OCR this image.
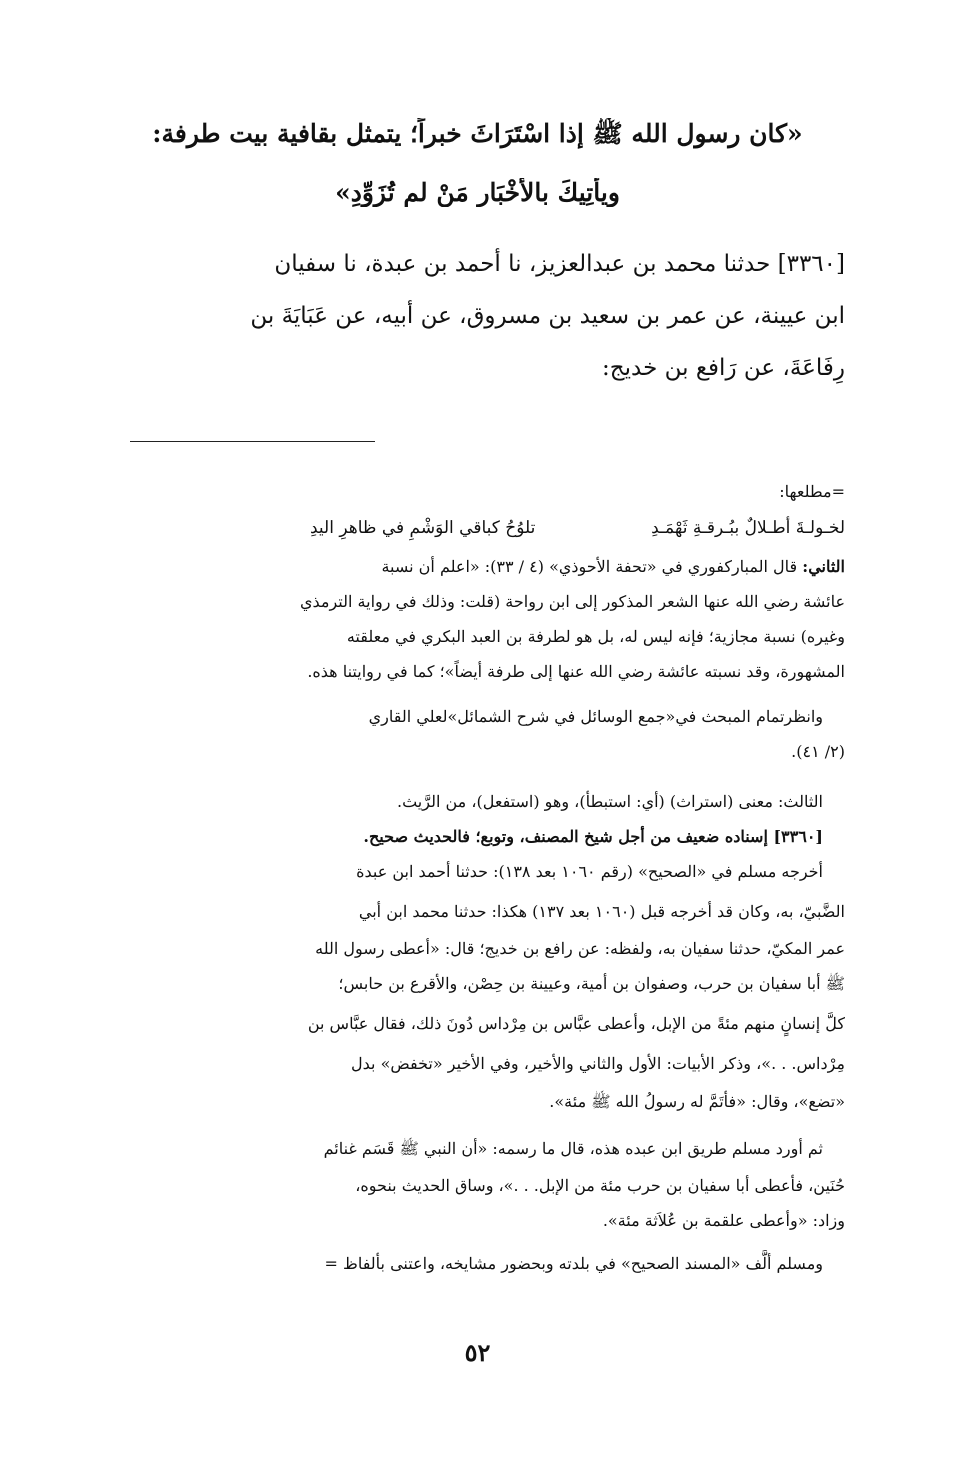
«كان رسول الله ﷺ إذا اسْتَرَاثَ خبراً؛ يتمثل بقافية بيت طرفة:
ويأْتِيكَ بالأَخْبَارِ مَنْ لم تُزَوِّدِ»
[٣٣٦٠] حدثنا محمد بن عبدالعزيز، نا أحمد بن عبدة، نا سفيان
ابن عيينة، عن عمر بن سعيد بن مسروق، عن أبيه، عن عَبَايَةَ بن
رِفَاعَةَ، عن رَافع بن خديج:
=مطلعها:
لخـولـةَ أطـلالٌ ببُـرقـةِ ثَهْمَـدِ
تلوُحُ كباقي الوَشْمِ في ظاهرِ اليدِ
الثاني: قال المباركفوري في «تحفة الأحوذي» (٤ / ٣٣): «اعلم أن نسبة
عائشة رضي الله عنها الشعر المذكور إلى ابن رواحة (قلت: وذلك في رواية الترمذي
وغيره) نسبة مجازية؛ فإنه ليس له، بل هو لطرفة بن العبد البكري في معلقته
المشهورة، وقد نسبته عائشة رضي الله عنها إلى طرفة أيضاً»؛ كما في روايتنا هذه.
وانظرتمام المبحث في«جمع الوسائل في شرح الشمائل»لعلي القاري
(٢/ ٤١).
الثالث: معنى (استراث) (أي: استبطأ)، وهو (استفعل)، من الرَّيث.
[٣٣٦٠] إسناده ضعيف من أجل شيخ المصنف، وتوبع؛ فالحديث صحيح.
أخرجه مسلم في «الصحيح» (رقم ١٠٦٠ بعد ١٣٨): حدثنا أحمد ابن عبدة
الضَّبيّ، به، وكان قد أخرجه قبل (١٠٦٠ بعد ١٣٧) هكذا: حدثنا محمد ابن أبي
عمر المكيّ، حدثنا سفيان به، ولفظه: عن رافع بن خديج؛ قال: «أعطى رسول الله
ﷺ أبا سفيان بن حرب، وصفوان بن أمية، وعيينة بن حِصْن، والأقرع بن حابس؛
كلَّ إنسانٍ منهم مئةً من الإبل، وأعطى عبَّاس بن مِرْداس دُونَ ذلك، فقال عبَّاس بن
مِرْداس. . .»، وذكر الأبيات: الأول والثاني والأخير، وفي الأخير «تخفض» بدل
«تضع»، وقال: «فأتَمَّ له رسولُ الله ﷺ مئة».
ثم أورد مسلم طريق ابن عبده هذه، قال ما رسمه: «أن النبي ﷺ قَسَم غنائم
حُنَين، فأعطى أبا سفيان بن حرب مئة من الإبل. . .»، وساق الحديث بنحوه،
وزاد: «وأعطى علقمة بن عُلاَثة مئة».
ومسلم ألَّف «المسند الصحيح» في بلدته وبحضور مشايخه، واعتنى بألفاظ =
٥٢
